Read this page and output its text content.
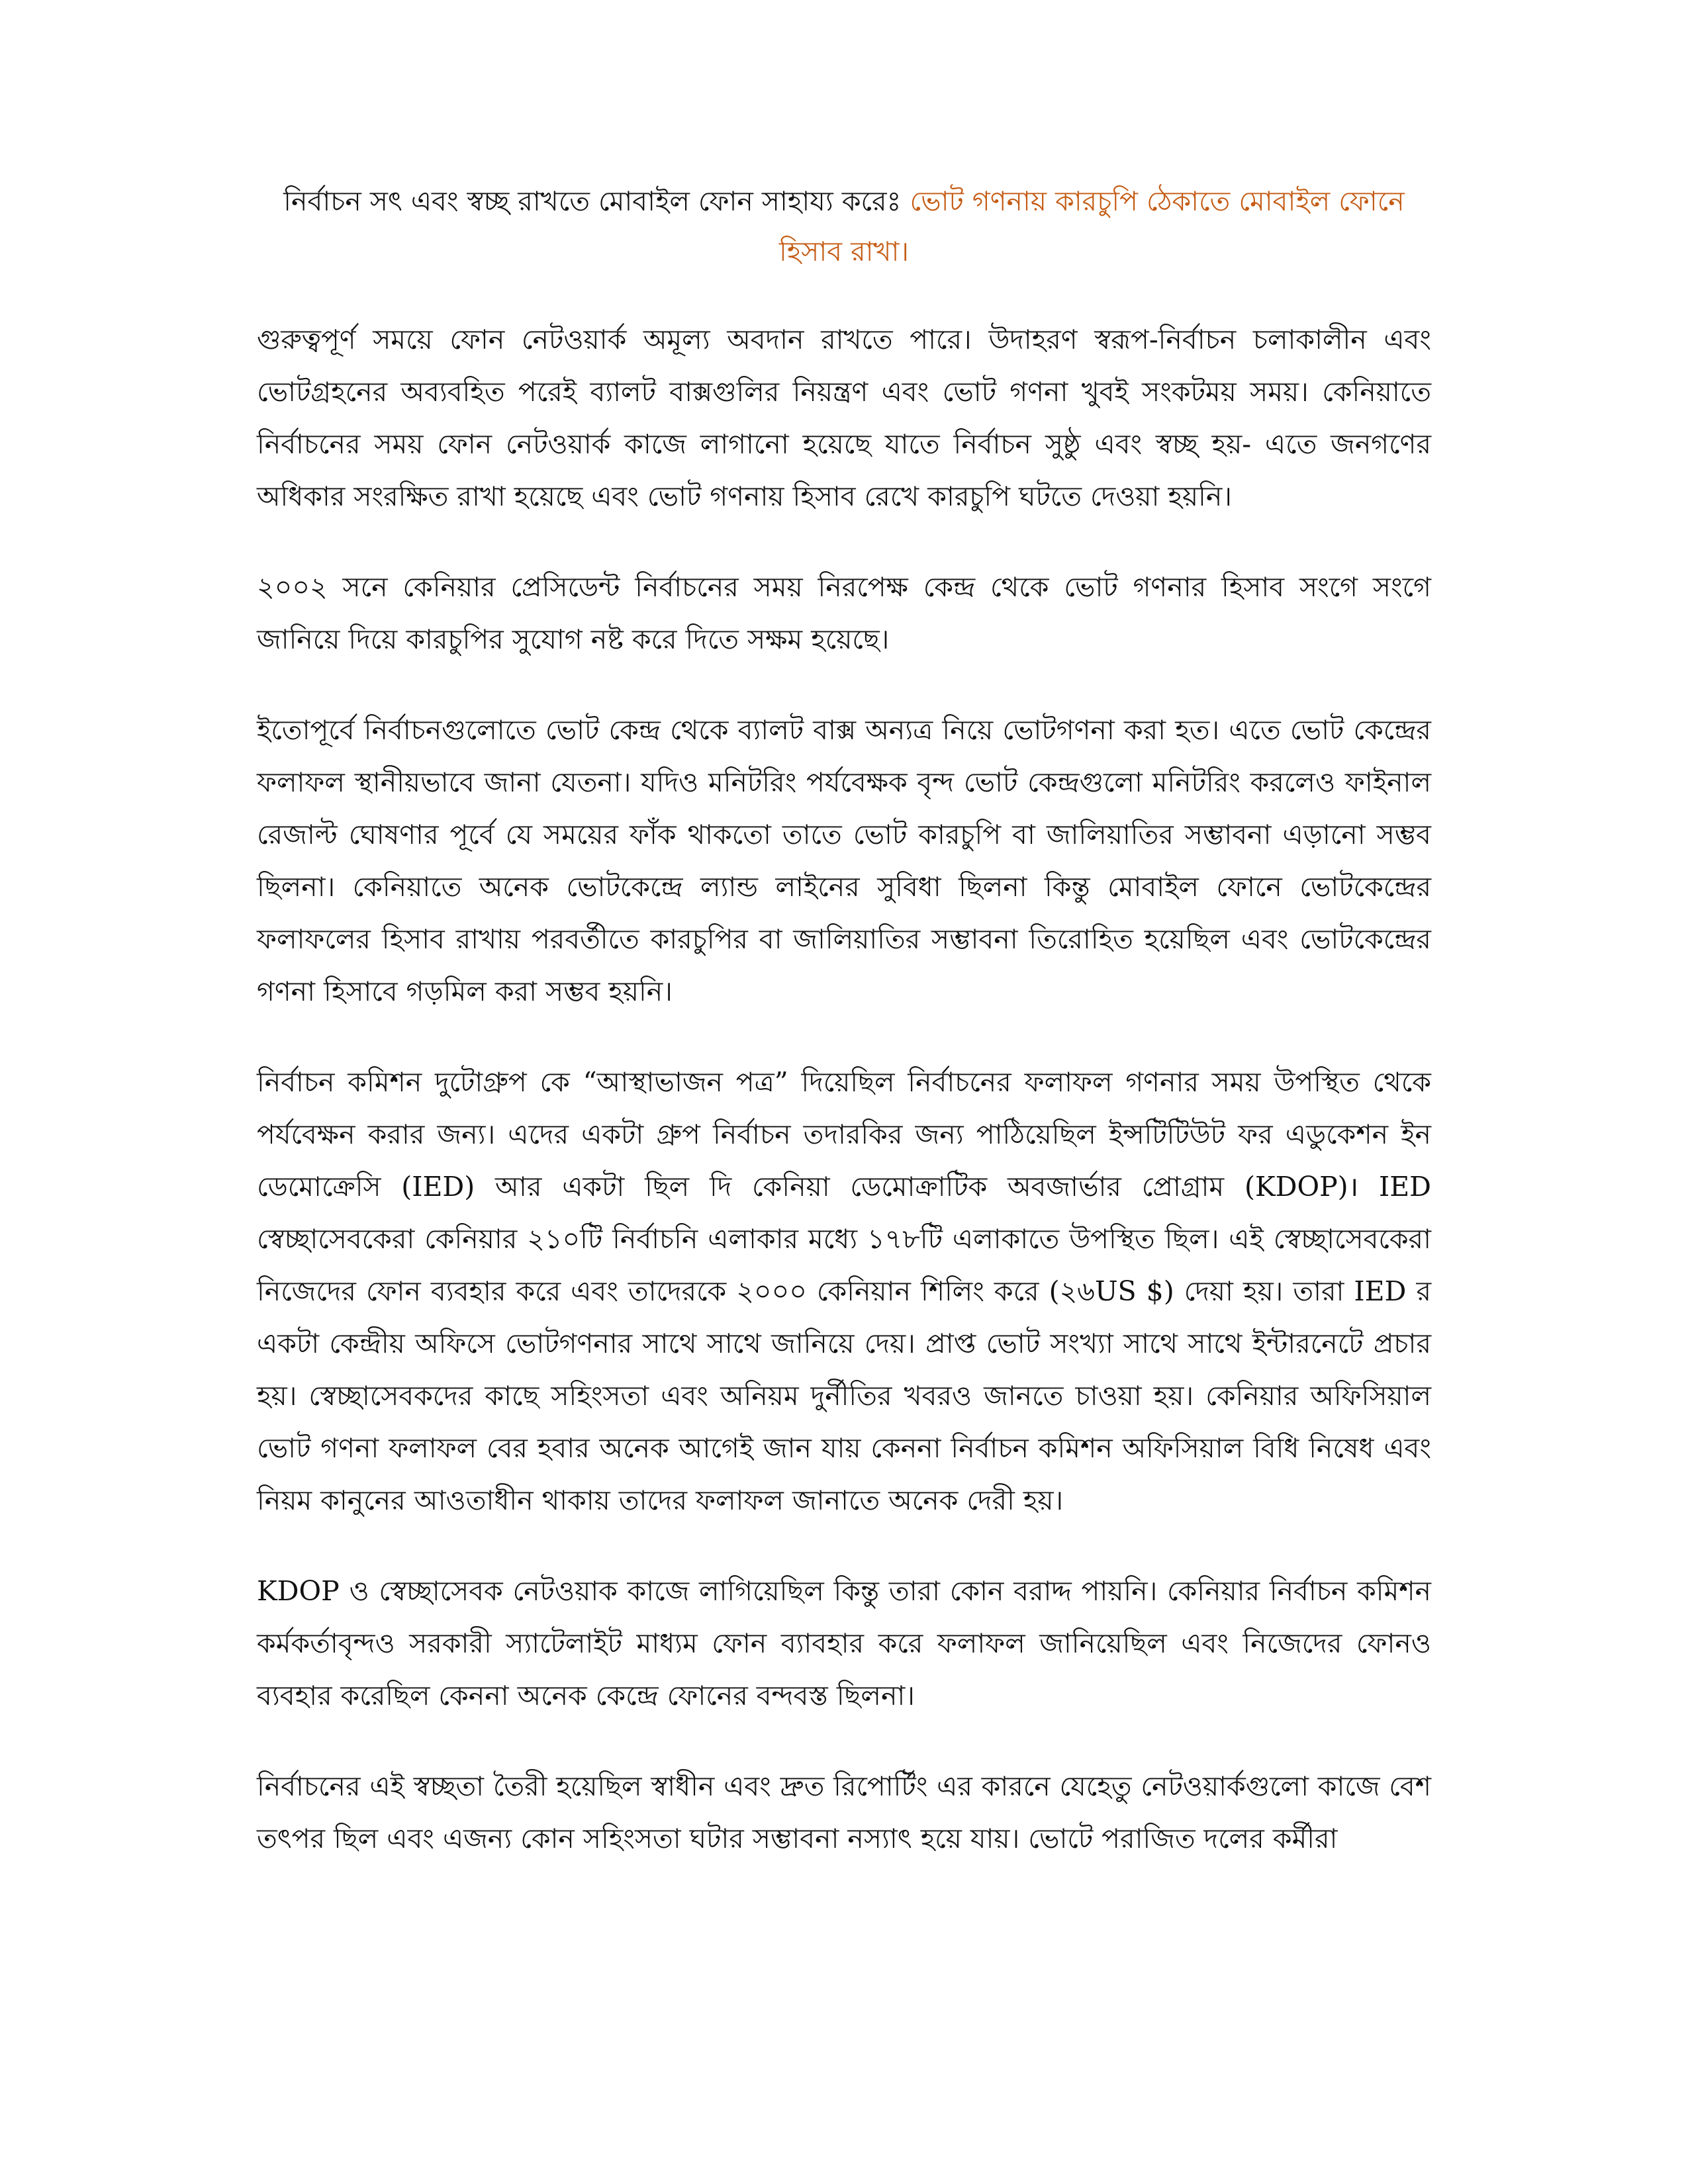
নির্বাচন সৎ এবং স্বচ্ছ রাখতে মোবাইল ফোন সাহায্য করেঃ ভোট গণনায় কারচুপি ঠেকাতে মোবাইল ফোনে হিসাব রাখা।

গুরুত্বপূর্ণ সময়ে ফোন নেটওয়ার্ক অমূল্য অবদান রাখতে পারে। উদাহরণ স্বরূপ-নির্বাচন চলাকালীন এবং ভোটগ্রহনের অব্যবহিত পরেই ব্যালট বাক্সগুলির নিয়ন্ত্রণ এবং ভোট গণনা খুবই সংকটময় সময়। কেনিয়াতে নির্বাচনের সময় ফোন নেটওয়ার্ক কাজে লাগানো হয়েছে যাতে নির্বাচন সুষ্ঠু এবং স্বচ্ছ হয়- এতে জনগণের অধিকার সংরক্ষিত রাখা হয়েছে এবং ভোট গণনায় হিসাব রেখে কারচুপি ঘটতে দেওয়া হয়নি।

২০০২ সনে কেনিয়ার প্রেসিডেন্ট নির্বাচনের সময় নিরপেক্ষ কেন্দ্র থেকে ভোট গণনার হিসাব সংগে সংগে জানিয়ে দিয়ে কারচুপির সুযোগ নষ্ট করে দিতে সক্ষম হয়েছে।

ইতোপূর্বে নির্বাচনগুলোতে ভোট কেন্দ্র থেকে ব্যালট বাক্স অন্যত্র নিয়ে ভোটগণনা করা হত। এতে ভোট কেন্দ্রের ফলাফল স্থানীয়ভাবে জানা যেতনা। যদিও মনিটরিং পর্যবেক্ষক বৃন্দ ভোট কেন্দ্রগুলো মনিটরিং করলেও ফাইনাল রেজাল্ট ঘোষণার পূর্বে যে সময়ের ফাঁক থাকতো তাতে ভোট কারচুপি বা জালিয়াতির সম্ভাবনা এড়ানো সম্ভব ছিলনা। কেনিয়াতে অনেক ভোটকেন্দ্রে ল্যান্ড লাইনের সুবিধা ছিলনা কিন্তু মোবাইল ফোনে ভোটকেন্দ্রের ফলাফলের হিসাব রাখায় পরবর্তীতে কারচুপির বা জালিয়াতির সম্ভাবনা তিরোহিত হয়েছিল এবং ভোটকেন্দ্রের গণনা হিসাবে গড়মিল করা সম্ভব হয়নি।

নির্বাচন কমিশন দুটোগ্রুপ কে “আস্থাভাজন পত্র” দিয়েছিল নির্বাচনের ফলাফল গণনার সময় উপস্থিত থেকে পর্যবেক্ষন করার জন্য। এদের একটা গ্রুপ নির্বাচন তদারকির জন্য পাঠিয়েছিল ইন্সটিটিউট ফর এডুকেশন ইন ডেমোক্রেসি (IED) আর একটা ছিল দি কেনিয়া ডেমোক্রাটিক অবজার্ভার প্রোগ্রাম (KDOP)। IED স্বেচ্ছাসেবকেরা কেনিয়ার ২১০টি নির্বাচনি এলাকার মধ্যে ১৭৮টি এলাকাতে উপস্থিত ছিল। এই স্বেচ্ছাসেবকেরা নিজেদের ফোন ব্যবহার করে এবং তাদেরকে ২০০০ কেনিয়ান শিলিং করে (২৬US $) দেয়া হয়। তারা IED র একটা কেন্দ্রীয় অফিসে ভোটগণনার সাথে সাথে জানিয়ে দেয়। প্রাপ্ত ভোট সংখ্যা সাথে সাথে ইন্টারনেটে প্রচার হয়। স্বেচ্ছাসেবকদের কাছে সহিংসতা এবং অনিয়ম দুর্নীতির খবরও জানতে চাওয়া হয়। কেনিয়ার অফিসিয়াল ভোট গণনা ফলাফল বের হবার অনেক আগেই জান যায় কেননা নির্বাচন কমিশন অফিসিয়াল বিধি নিষেধ এবং নিয়ম কানুনের আওতাধীন থাকায় তাদের ফলাফল জানাতে অনেক দেরী হয়।

KDOP ও স্বেচ্ছাসেবক নেটওয়াক কাজে লাগিয়েছিল কিন্তু তারা কোন বরাদ্দ পায়নি। কেনিয়ার নির্বাচন কমিশন কর্মকর্তাবৃন্দও সরকারী স্যাটেলাইট মাধ্যম ফোন ব্যাবহার করে ফলাফল জানিয়েছিল এবং নিজেদের ফোনও ব্যবহার করেছিল কেননা অনেক কেন্দ্রে ফোনের বন্দবস্ত ছিলনা।

নির্বাচনের এই স্বচ্ছতা তৈরী হয়েছিল স্বাধীন এবং দ্রুত রিপোর্টিং এর কারনে যেহেতু নেটওয়ার্কগুলো কাজে বেশ তৎপর ছিল এবং এজন্য কোন সহিংসতা ঘটার সম্ভাবনা নস্যাৎ হয়ে যায়। ভোটে পরাজিত দলের কর্মীরা
